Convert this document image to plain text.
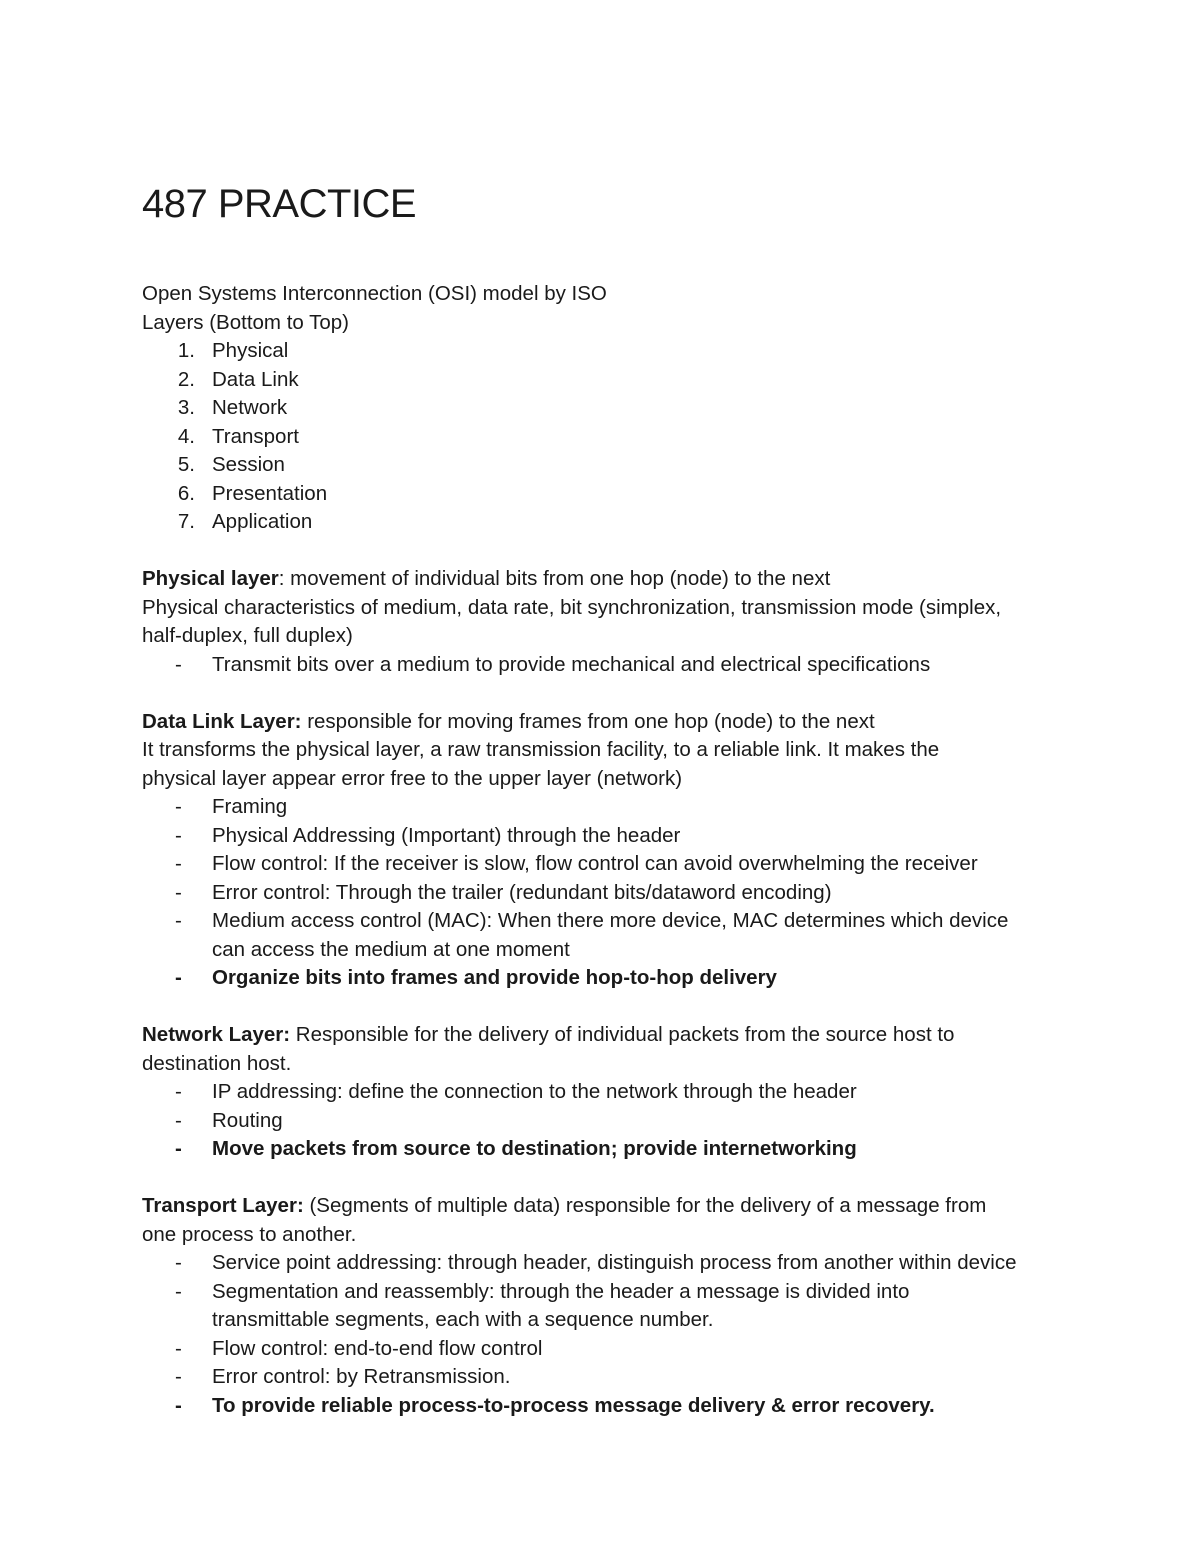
487 PRACTICE

Open Systems Interconnection (OSI) model by ISO

Layers (Bottom to Top)

1. Physical
2. Data Link
3. Network
4. Transport
5. Session
6. Presentation
7. Application

Physical layer: movement of individual bits from one hop (node) to the next

Physical characteristics of medium, data rate, bit synchronization, transmission mode (simplex,

half-duplex, full duplex)

- Transmit bits over a medium to provide mechanical and electrical specifications

Data Link Layer: responsible for moving frames from one hop (node) to the next

It transforms the physical layer, a raw transmission facility, to a reliable link. It makes the

physical layer appear error free to the upper layer (network)

- Framing
- Physical Addressing (Important) through the header
- Flow control: If the receiver is slow, flow control can avoid overwhelming the receiver
- Error control: Through the trailer (redundant bits/dataword encoding)
- Medium access control (MAC): When there more device, MAC determines which device
can access the medium at one moment
- Organize bits into frames and provide hop-to-hop delivery

Network Layer: Responsible for the delivery of individual packets from the source host to

destination host.

- IP addressing: define the connection to the network through the header
- Routing
- Move packets from source to destination; provide internetworking

Transport Layer: (Segments of multiple data) responsible for the delivery of a message from

one process to another.

- Service point addressing: through header, distinguish process from another within device
- Segmentation and reassembly: through the header a message is divided into
transmittable segments, each with a sequence number.
- Flow control: end-to-end flow control
- Error control: by Retransmission.
- To provide reliable process-to-process message delivery & error recovery.
